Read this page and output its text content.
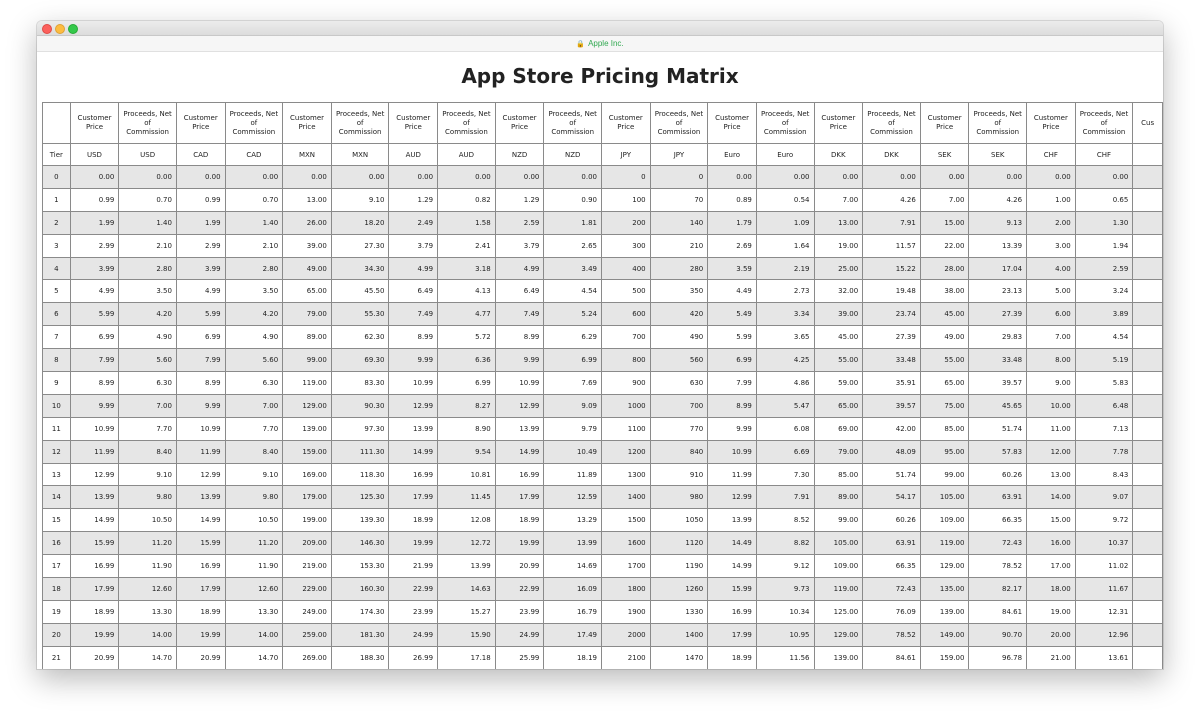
🔒 Apple Inc.
App Store Pricing Matrix
	Customer Price	Proceeds, Net of Commission	Customer Price	Proceeds, Net of Commission	Customer Price	Proceeds, Net of Commission	Customer Price	Proceeds, Net of Commission	Customer Price	Proceeds, Net of Commission	Customer Price	Proceeds, Net of Commission	Customer Price	Proceeds, Net of Commission	Customer Price	Proceeds, Net of Commission	Customer Price	Proceeds, Net of Commission	Customer Price	Proceeds, Net of Commission	Cus
Tier	USD	USD	CAD	CAD	MXN	MXN	AUD	AUD	NZD	NZD	JPY	JPY	Euro	Euro	DKK	DKK	SEK	SEK	CHF	CHF	
0	0.00	0.00	0.00	0.00	0.00	0.00	0.00	0.00	0.00	0.00	0	0	0.00	0.00	0.00	0.00	0.00	0.00	0.00	0.00	
1	0.99	0.70	0.99	0.70	13.00	9.10	1.29	0.82	1.29	0.90	100	70	0.89	0.54	7.00	4.26	7.00	4.26	1.00	0.65	
2	1.99	1.40	1.99	1.40	26.00	18.20	2.49	1.58	2.59	1.81	200	140	1.79	1.09	13.00	7.91	15.00	9.13	2.00	1.30	
3	2.99	2.10	2.99	2.10	39.00	27.30	3.79	2.41	3.79	2.65	300	210	2.69	1.64	19.00	11.57	22.00	13.39	3.00	1.94	
4	3.99	2.80	3.99	2.80	49.00	34.30	4.99	3.18	4.99	3.49	400	280	3.59	2.19	25.00	15.22	28.00	17.04	4.00	2.59	
5	4.99	3.50	4.99	3.50	65.00	45.50	6.49	4.13	6.49	4.54	500	350	4.49	2.73	32.00	19.48	38.00	23.13	5.00	3.24	
6	5.99	4.20	5.99	4.20	79.00	55.30	7.49	4.77	7.49	5.24	600	420	5.49	3.34	39.00	23.74	45.00	27.39	6.00	3.89	
7	6.99	4.90	6.99	4.90	89.00	62.30	8.99	5.72	8.99	6.29	700	490	5.99	3.65	45.00	27.39	49.00	29.83	7.00	4.54	
8	7.99	5.60	7.99	5.60	99.00	69.30	9.99	6.36	9.99	6.99	800	560	6.99	4.25	55.00	33.48	55.00	33.48	8.00	5.19	
9	8.99	6.30	8.99	6.30	119.00	83.30	10.99	6.99	10.99	7.69	900	630	7.99	4.86	59.00	35.91	65.00	39.57	9.00	5.83	
10	9.99	7.00	9.99	7.00	129.00	90.30	12.99	8.27	12.99	9.09	1000	700	8.99	5.47	65.00	39.57	75.00	45.65	10.00	6.48	
11	10.99	7.70	10.99	7.70	139.00	97.30	13.99	8.90	13.99	9.79	1100	770	9.99	6.08	69.00	42.00	85.00	51.74	11.00	7.13	
12	11.99	8.40	11.99	8.40	159.00	111.30	14.99	9.54	14.99	10.49	1200	840	10.99	6.69	79.00	48.09	95.00	57.83	12.00	7.78	
13	12.99	9.10	12.99	9.10	169.00	118.30	16.99	10.81	16.99	11.89	1300	910	11.99	7.30	85.00	51.74	99.00	60.26	13.00	8.43	
14	13.99	9.80	13.99	9.80	179.00	125.30	17.99	11.45	17.99	12.59	1400	980	12.99	7.91	89.00	54.17	105.00	63.91	14.00	9.07	
15	14.99	10.50	14.99	10.50	199.00	139.30	18.99	12.08	18.99	13.29	1500	1050	13.99	8.52	99.00	60.26	109.00	66.35	15.00	9.72	
16	15.99	11.20	15.99	11.20	209.00	146.30	19.99	12.72	19.99	13.99	1600	1120	14.49	8.82	105.00	63.91	119.00	72.43	16.00	10.37	
17	16.99	11.90	16.99	11.90	219.00	153.30	21.99	13.99	20.99	14.69	1700	1190	14.99	9.12	109.00	66.35	129.00	78.52	17.00	11.02	
18	17.99	12.60	17.99	12.60	229.00	160.30	22.99	14.63	22.99	16.09	1800	1260	15.99	9.73	119.00	72.43	135.00	82.17	18.00	11.67	
19	18.99	13.30	18.99	13.30	249.00	174.30	23.99	15.27	23.99	16.79	1900	1330	16.99	10.34	125.00	76.09	139.00	84.61	19.00	12.31	
20	19.99	14.00	19.99	14.00	259.00	181.30	24.99	15.90	24.99	17.49	2000	1400	17.99	10.95	129.00	78.52	149.00	90.70	20.00	12.96	
21	20.99	14.70	20.99	14.70	269.00	188.30	26.99	17.18	25.99	18.19	2100	1470	18.99	11.56	139.00	84.61	159.00	96.78	21.00	13.61	
